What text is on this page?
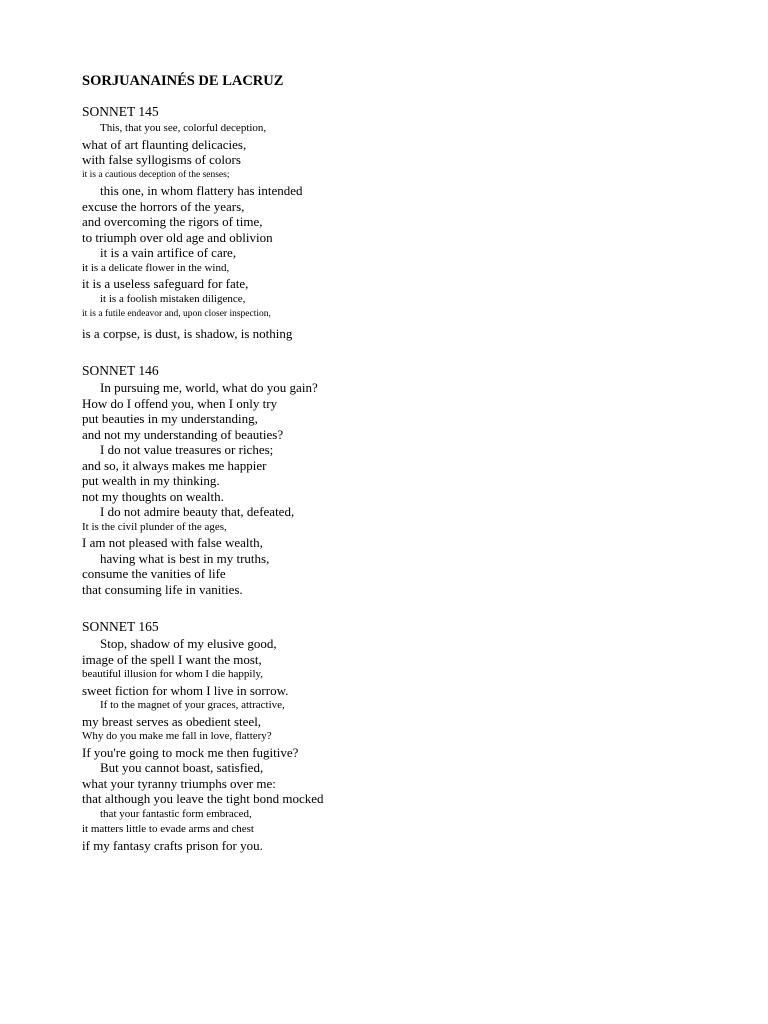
SORJUANAINÉS DE LACRUZ
SONNET 145
This, that you see, colorful deception,
what of art flaunting delicacies,
with false syllogisms of colors
it is a cautious deception of the senses;
this one, in whom flattery has intended
excuse the horrors of the years,
and overcoming the rigors of time,
to triumph over old age and oblivion
it is a vain artifice of care,
it is a delicate flower in the wind,
it is a useless safeguard for fate,
it is a foolish mistaken diligence,
it is a futile endeavor and, upon closer inspection,
is a corpse, is dust, is shadow, is nothing
SONNET 146
In pursuing me, world, what do you gain?
How do I offend you, when I only try
put beauties in my understanding,
and not my understanding of beauties?
I do not value treasures or riches;
and so, it always makes me happier
put wealth in my thinking.
not my thoughts on wealth.
I do not admire beauty that, defeated,
It is the civil plunder of the ages,
I am not pleased with false wealth,
having what is best in my truths,
consume the vanities of life
that consuming life in vanities.
SONNET 165
Stop, shadow of my elusive good,
image of the spell I want the most,
beautiful illusion for whom I die happily,
sweet fiction for whom I live in sorrow.
If to the magnet of your graces, attractive,
my breast serves as obedient steel,
Why do you make me fall in love, flattery?
If you're going to mock me then fugitive?
But you cannot boast, satisfied,
what your tyranny triumphs over me:
that although you leave the tight bond mocked
that your fantastic form embraced,
it matters little to evade arms and chest
if my fantasy crafts prison for you.
